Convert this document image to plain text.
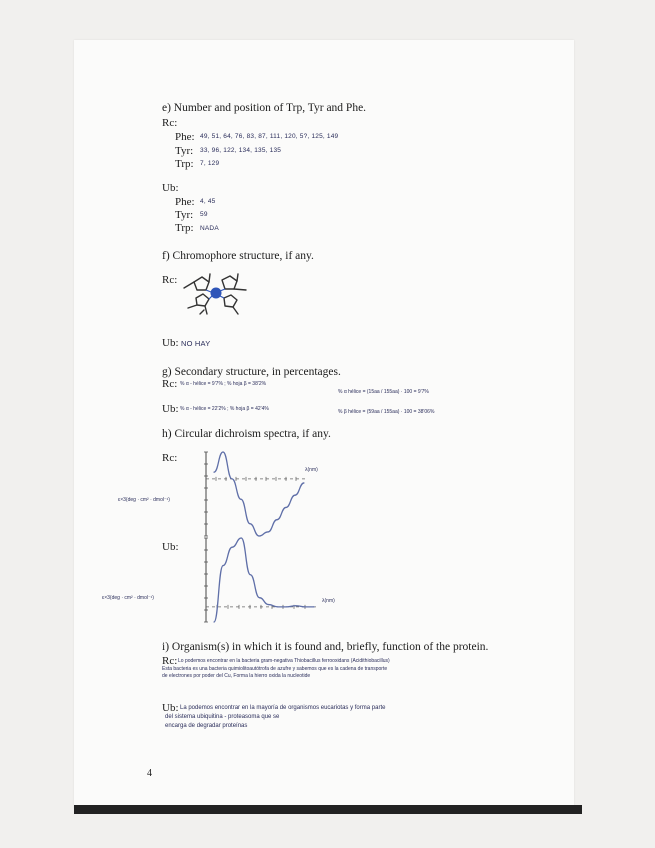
e) Number and position of Trp, Tyr and Phe.
Rc:
Phe: 49, 51, 64, 76, 83, 87, 111, 120, 5?, 125, 149
Tyr: 33, 96, 122, 134, 135, 135
Trp: 7, 129
Ub:
Phe: 4, 45
Tyr: 59
Trp: NADA
f) Chromophore structure, if any.
Rc:
Ub: NO HAY
g) Secondary structure, in percentages.
Rc: % α - hélice = 9'7% ; % hoja β = 38'2%
Ub: % α - hélice = 22'2% ; % hoja β = 42'4%
% α hélice = (15aa / 155aa) · 100 = 9'7%
% β hélice = (59aa / 155aa) · 100 = 38'06%
h) Circular dichroism spectra, if any.
Rc:
ε×3(deg · cm² · dmol⁻¹)
λ(nm)
Ub:
ε×3(deg · cm² · dmol⁻¹)	λ(nm)
i) Organism(s) in which it is found and, briefly, function of the protein.
Rc: Lo podemos encontrar en la bacteria gram-negativa Thiobacillus ferrooxidans (Acidithiobacillus)
Esta bacteria es una bacteria quimiolitoautótrofa de azufre y sabemos que es la cadena de transporte
de electrones por poder del Cu, Forma la hierro oxida la nucleotide
Ub: La podemos encontrar en la mayoría de organismos eucariotas y forma parte
del sistema ubiquitina - proteasoma que se
encarga de degradar proteínas
4
